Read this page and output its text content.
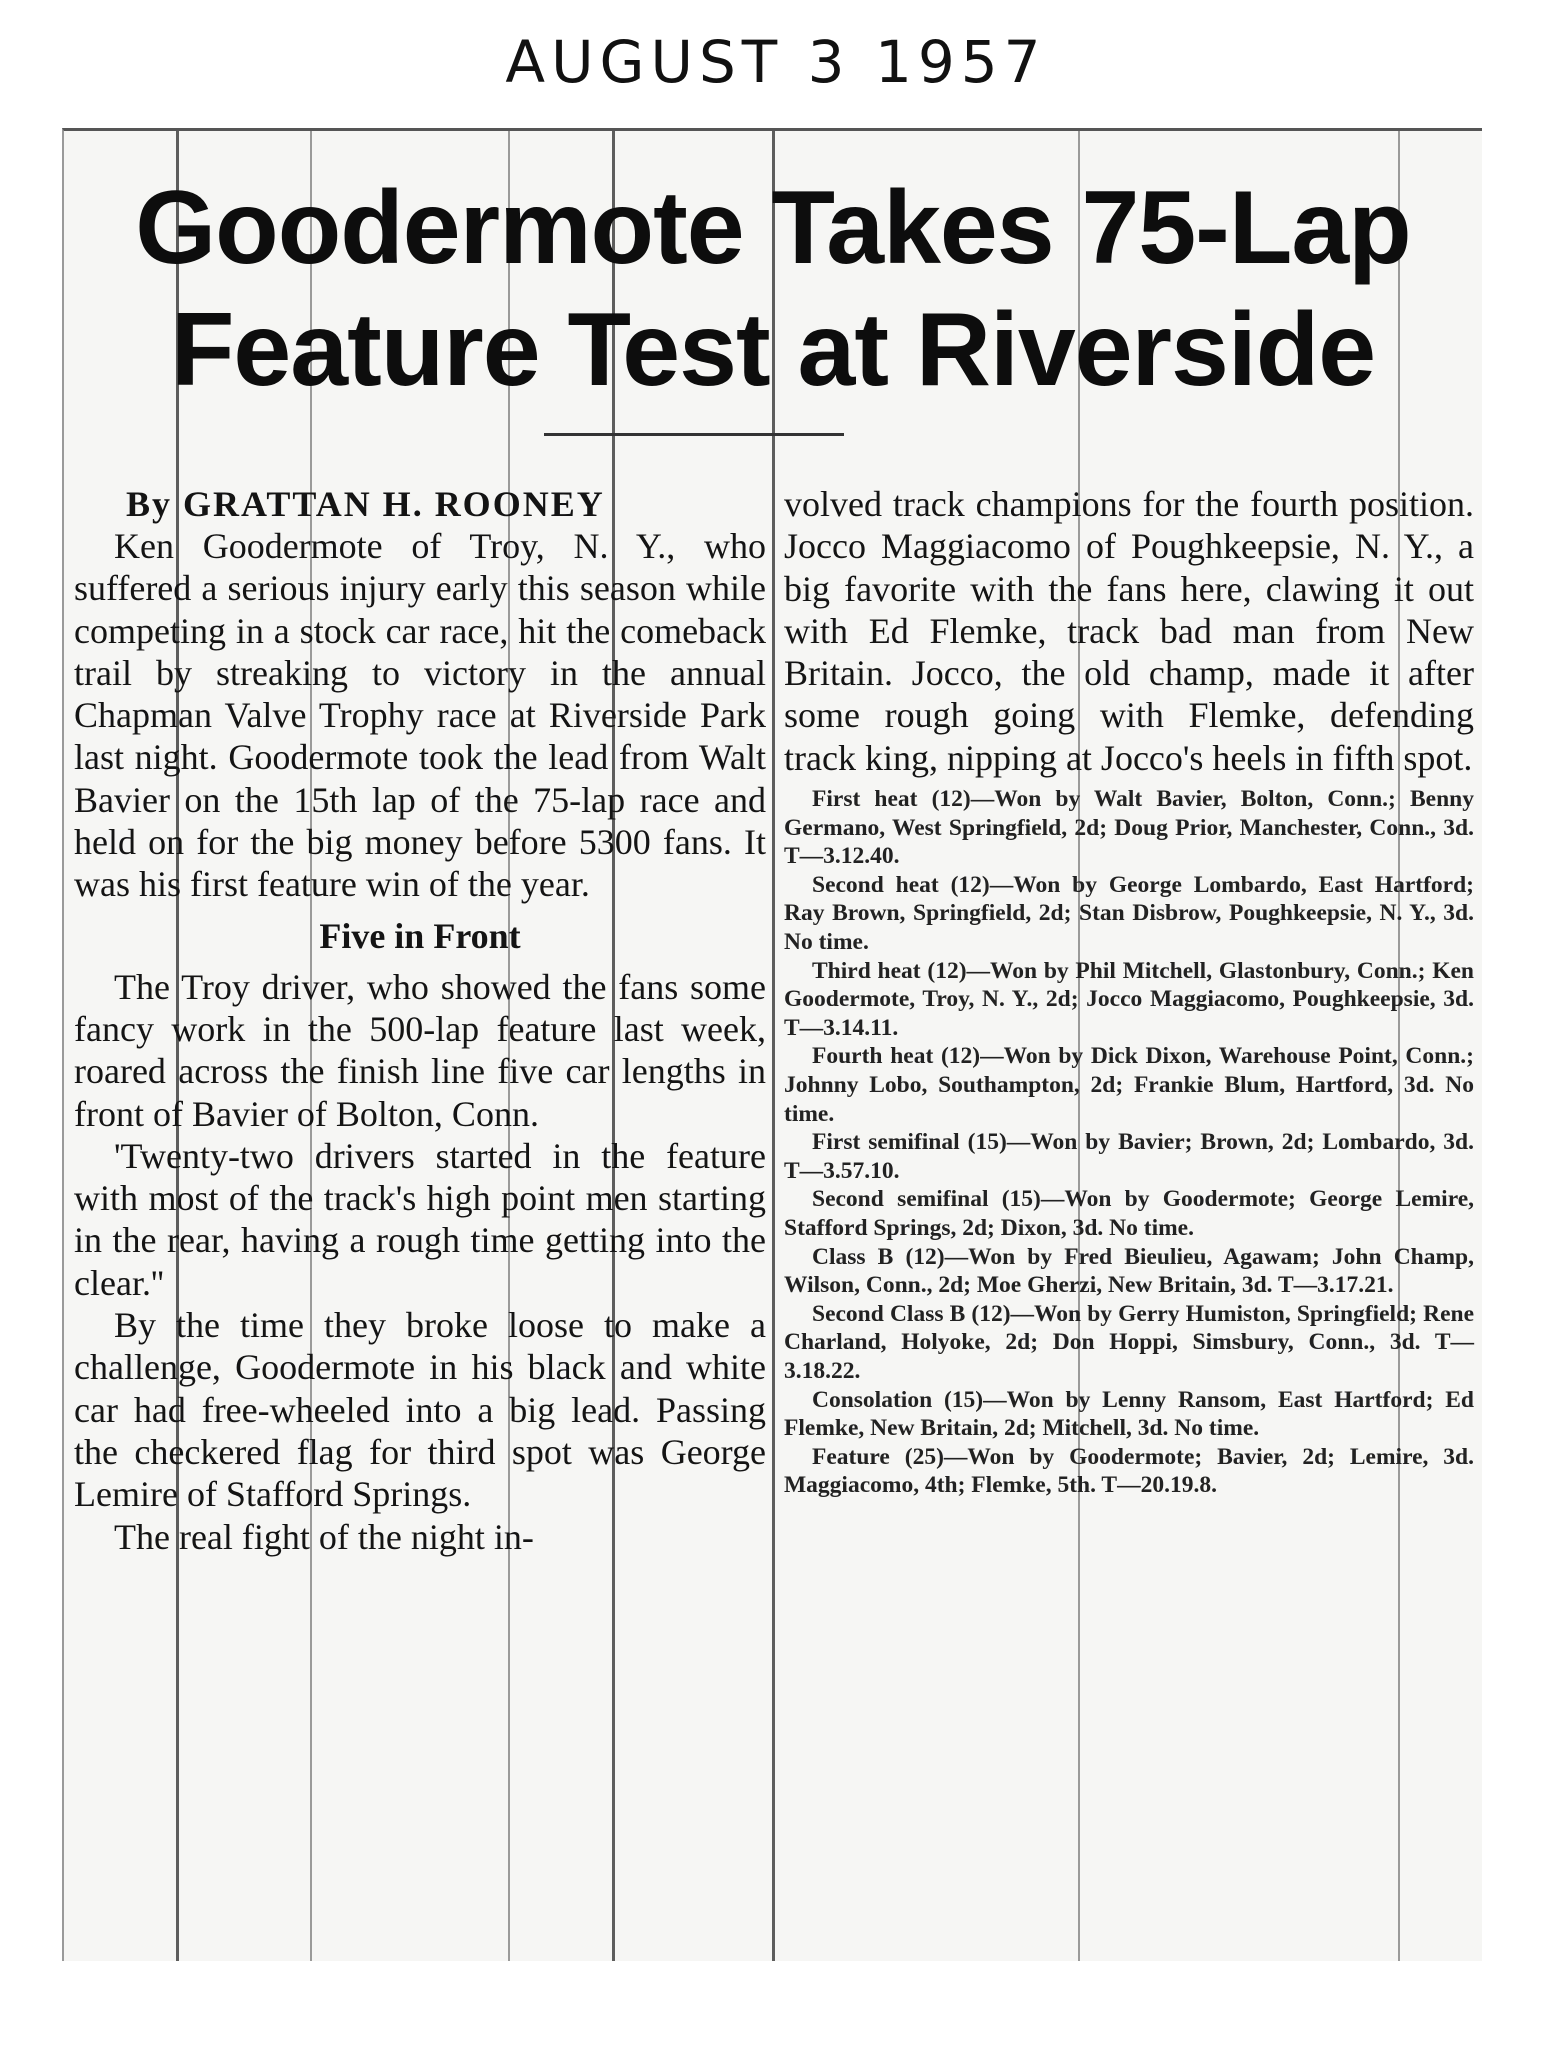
AUGUST 3 1957
Goodermote Takes 75-Lap
Feature Test at Riverside

By GRATTAN H. ROONEY

Ken Goodermote of Troy, N. Y., who suffered a serious injury early this season while competing in a stock car race, hit the comeback trail by streaking to victory in the annual Chapman Valve Trophy race at Riverside Park last night. Goodermote took the lead from Walt Bavier on the 15th lap of the 75-lap race and held on for the big money before 5300 fans. It was his first feature win of the year.

Five in Front

The Troy driver, who showed the fans some fancy work in the 500-lap feature last week, roared across the finish line five car lengths in front of Bavier of Bolton, Conn.

'Twenty-two drivers started in the feature with most of the track's high point men starting in the rear, having a rough time getting into the clear.''

By the time they broke loose to make a challenge, Goodermote in his black and white car had free-wheeled into a big lead. Passing the checkered flag for third spot was George Lemire of Stafford Springs.

The real fight of the night in-

volved track champions for the fourth position. Jocco Maggiacomo of Poughkeepsie, N. Y., a big favorite with the fans here, clawing it out with Ed Flemke, track bad man from New Britain. Jocco, the old champ, made it after some rough going with Flemke, defending track king, nipping at Jocco's heels in fifth spot.

First heat (12)—Won by Walt Bavier, Bolton, Conn.; Benny Germano, West Springfield, 2d; Doug Prior, Manchester, Conn., 3d. T—3.12.40.

Second heat (12)—Won by George Lombardo, East Hartford; Ray Brown, Springfield, 2d; Stan Disbrow, Poughkeepsie, N. Y., 3d. No time.

Third heat (12)—Won by Phil Mitchell, Glastonbury, Conn.; Ken Goodermote, Troy, N. Y., 2d; Jocco Maggiacomo, Poughkeepsie, 3d. T—3.14.11.

Fourth heat (12)—Won by Dick Dixon, Warehouse Point, Conn.; Johnny Lobo, Southampton, 2d; Frankie Blum, Hartford, 3d. No time.

First semifinal (15)—Won by Bavier; Brown, 2d; Lombardo, 3d. T—3.57.10.

Second semifinal (15)—Won by Goodermote; George Lemire, Stafford Springs, 2d; Dixon, 3d. No time.

Class B (12)—Won by Fred Bieulieu, Agawam; John Champ, Wilson, Conn., 2d; Moe Gherzi, New Britain, 3d. T—3.17.21.

Second Class B (12)—Won by Gerry Humiston, Springfield; Rene Charland, Holyoke, 2d; Don Hoppi, Simsbury, Conn., 3d. T—3.18.22.

Consolation (15)—Won by Lenny Ransom, East Hartford; Ed Flemke, New Britain, 2d; Mitchell, 3d. No time.

Feature (25)—Won by Goodermote; Bavier, 2d; Lemire, 3d. Maggiacomo, 4th; Flemke, 5th. T—20.19.8.
